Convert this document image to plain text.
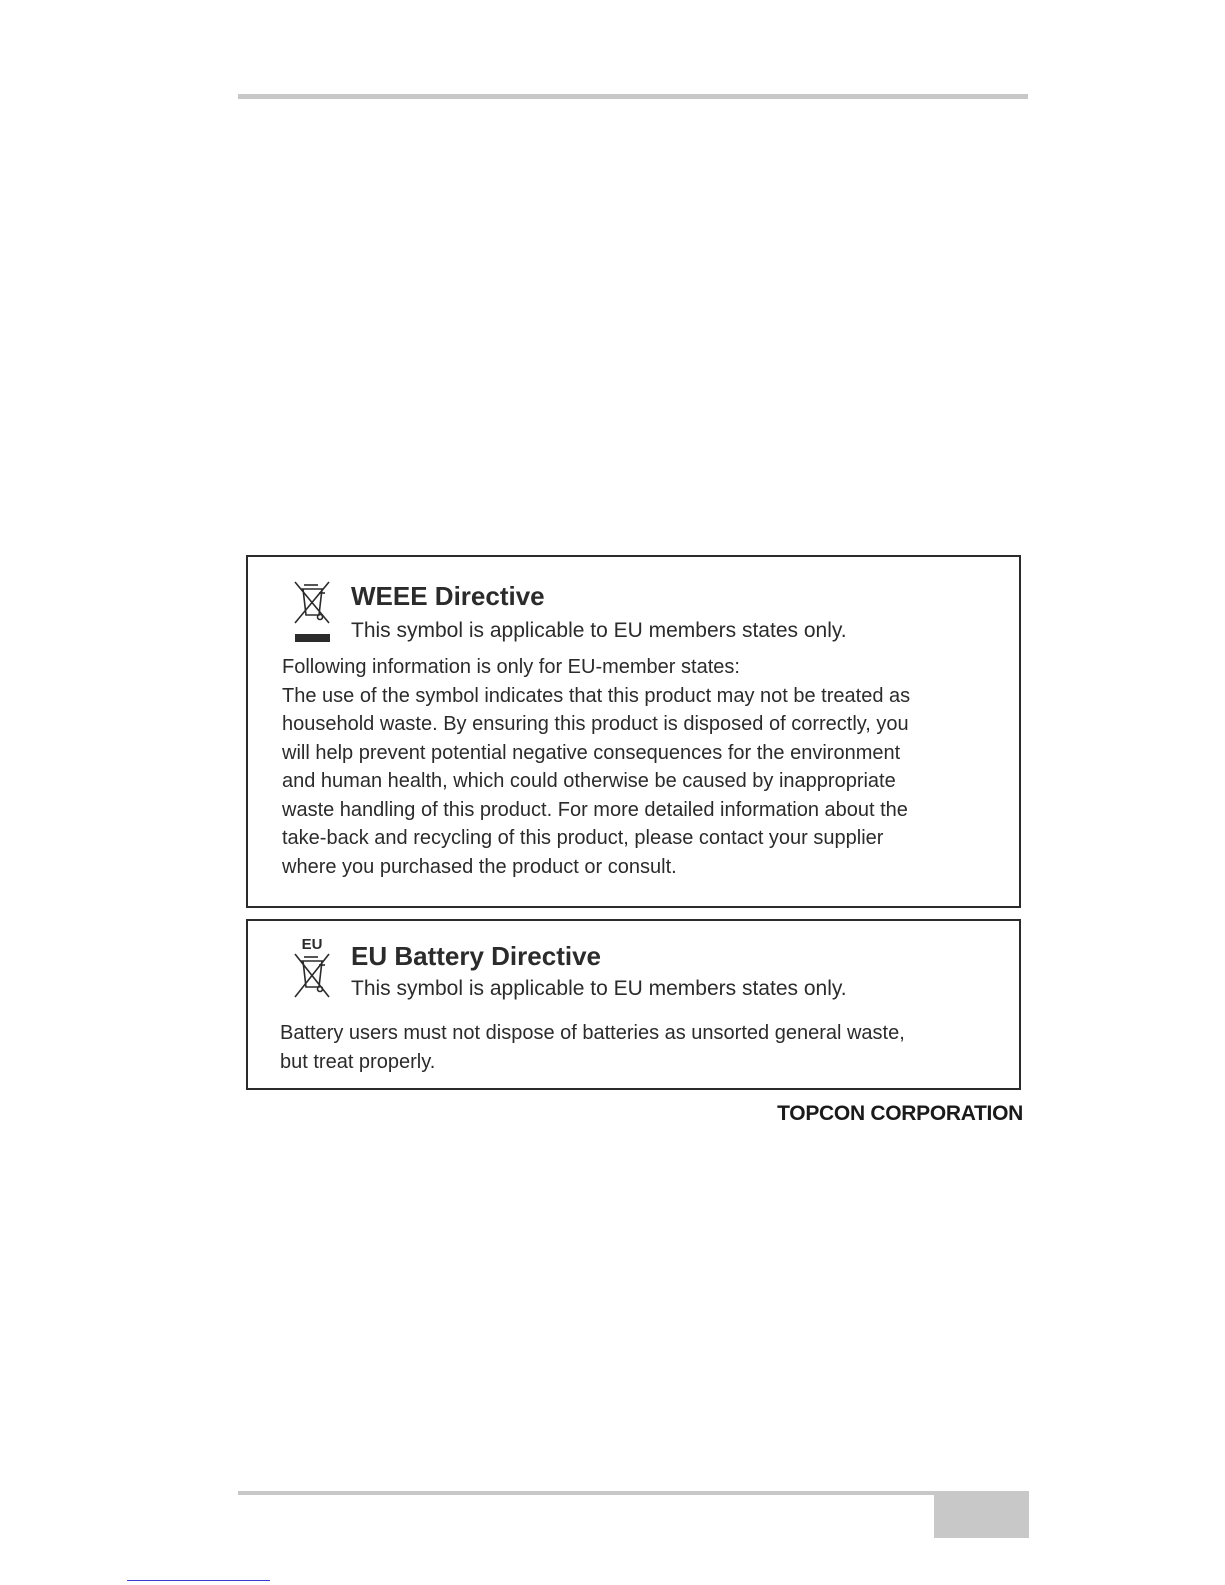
WEEE Directive

This symbol is applicable to EU members states only.

Following information is only for EU-member states:
The use of the symbol indicates that this product may not be treated as
household waste. By ensuring this product is disposed of correctly, you
will help prevent potential negative consequences for the environment
and human health, which could otherwise be caused by inappropriate
waste handling of this product. For more detailed information about the
take-back and recycling of this product, please contact your supplier
where you purchased the product or consult.

EU EU Battery Directive

This symbol is applicable to EU members states only.

Battery users must not dispose of batteries as unsorted general waste,
but treat properly.

TOPCON CORPORATION
